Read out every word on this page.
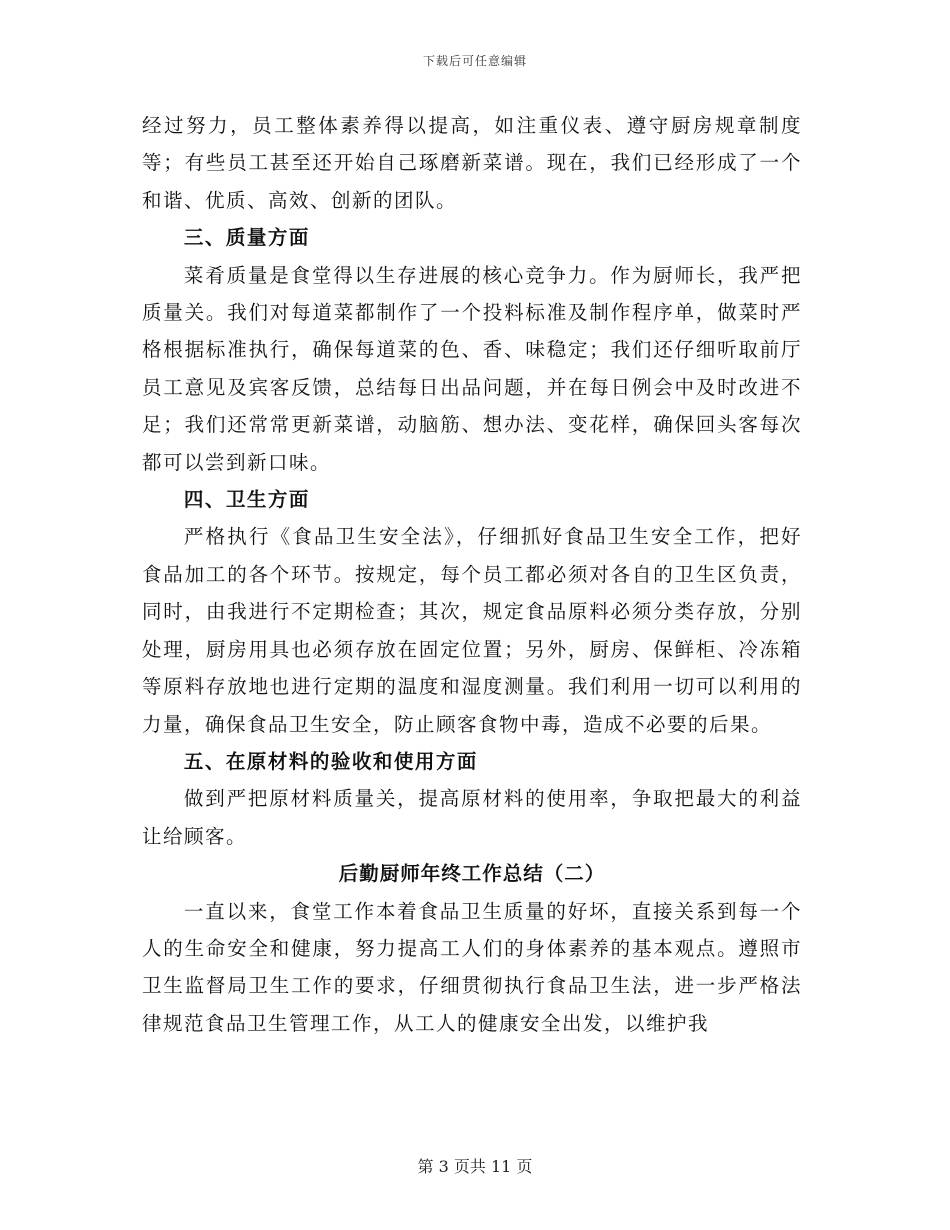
下载后可任意编辑

经过努力，员工整体素养得以提高，如注重仪表、遵守厨房规章制度等；有些员工甚至还开始自己琢磨新菜谱。现在，我们已经形成了一个和谐、优质、高效、创新的团队。

三、质量方面

菜肴质量是食堂得以生存进展的核心竞争力。作为厨师长，我严把质量关。我们对每道菜都制作了一个投料标准及制作程序单，做菜时严格根据标准执行，确保每道菜的色、香、味稳定；我们还仔细听取前厅员工意见及宾客反馈，总结每日出品问题，并在每日例会中及时改进不足；我们还常常更新菜谱，动脑筋、想办法、变花样，确保回头客每次都可以尝到新口味。

四、卫生方面

严格执行《食品卫生安全法》，仔细抓好食品卫生安全工作，把好食品加工的各个环节。按规定，每个员工都必须对各自的卫生区负责，同时，由我进行不定期检查；其次，规定食品原料必须分类存放，分别处理，厨房用具也必须存放在固定位置；另外，厨房、保鲜柜、冷冻箱等原料存放地也进行定期的温度和湿度测量。我们利用一切可以利用的力量，确保食品卫生安全，防止顾客食物中毒，造成不必要的后果。

五、在原材料的验收和使用方面

做到严把原材料质量关，提高原材料的使用率，争取把最大的利益让给顾客。

后勤厨师年终工作总结（二）

一直以来，食堂工作本着食品卫生质量的好坏，直接关系到每一个人的生命安全和健康，努力提高工人们的身体素养的基本观点。遵照市卫生监督局卫生工作的要求，仔细贯彻执行食品卫生法，进一步严格法律规范食品卫生管理工作，从工人的健康安全出发，以维护我

第 3 页共 11 页
